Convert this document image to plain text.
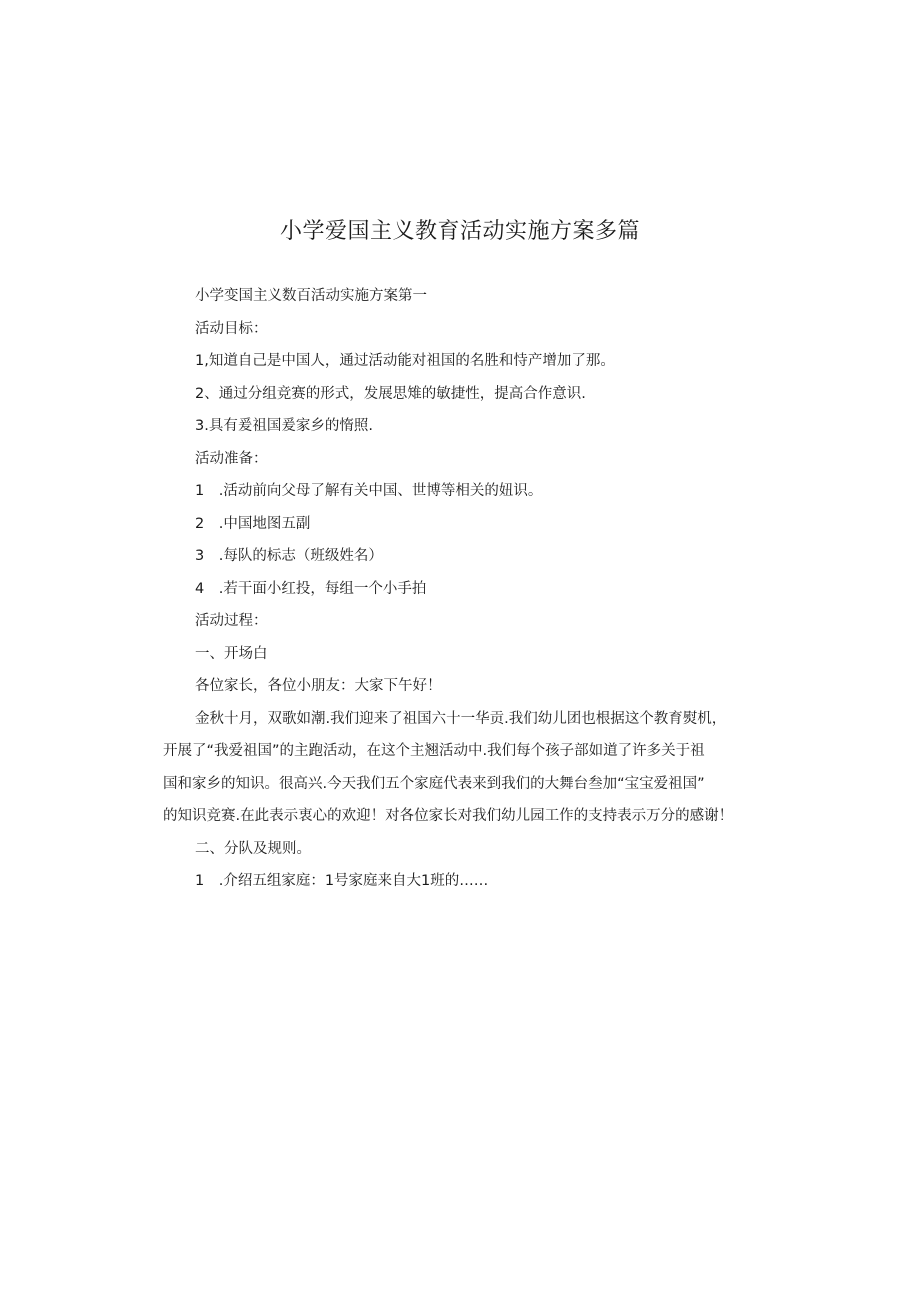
小学爱国主义教育活动实施方案多篇
小学变国主义数百活动实施方案第一
活动目标：
1,知道自己是中国人，通过活动能对祖国的名胜和恃产增加了那。
2、通过分组竞赛的形式，发展思雉的敏捷性，提高合作意识.
3.具有爰祖国爰家乡的惰照.
活动准备：
1　.活动前向父母了解有关中国、世博等相关的妞识。
2　.中国地图五副
3　.每队的标志（班级姓名）
4　.若干面小红投，每组一个小手拍
活动过程：
一、开场白
各位家长，各位小朋友：大家下午好！
金秋十月，双歌如潮.我们迎来了祖国六十一华贡.我们幼儿团也根据这个教育熨机，
开展了“我爱祖国”的主跑活动，在这个主翘活动中.我们每个孩子部如道了许多关于祖
国和家乡的知识。很高兴.今天我们五个家庭代表来到我们的大舞台叁加“宝宝爱祖国”
的知识竞赛.在此表示衷心的欢迎！对各位家长对我们幼儿园工作的支持表示万分的感谢！
二、分队及规则。
1　.介绍五组家庭：1号家庭来自大1班的……
